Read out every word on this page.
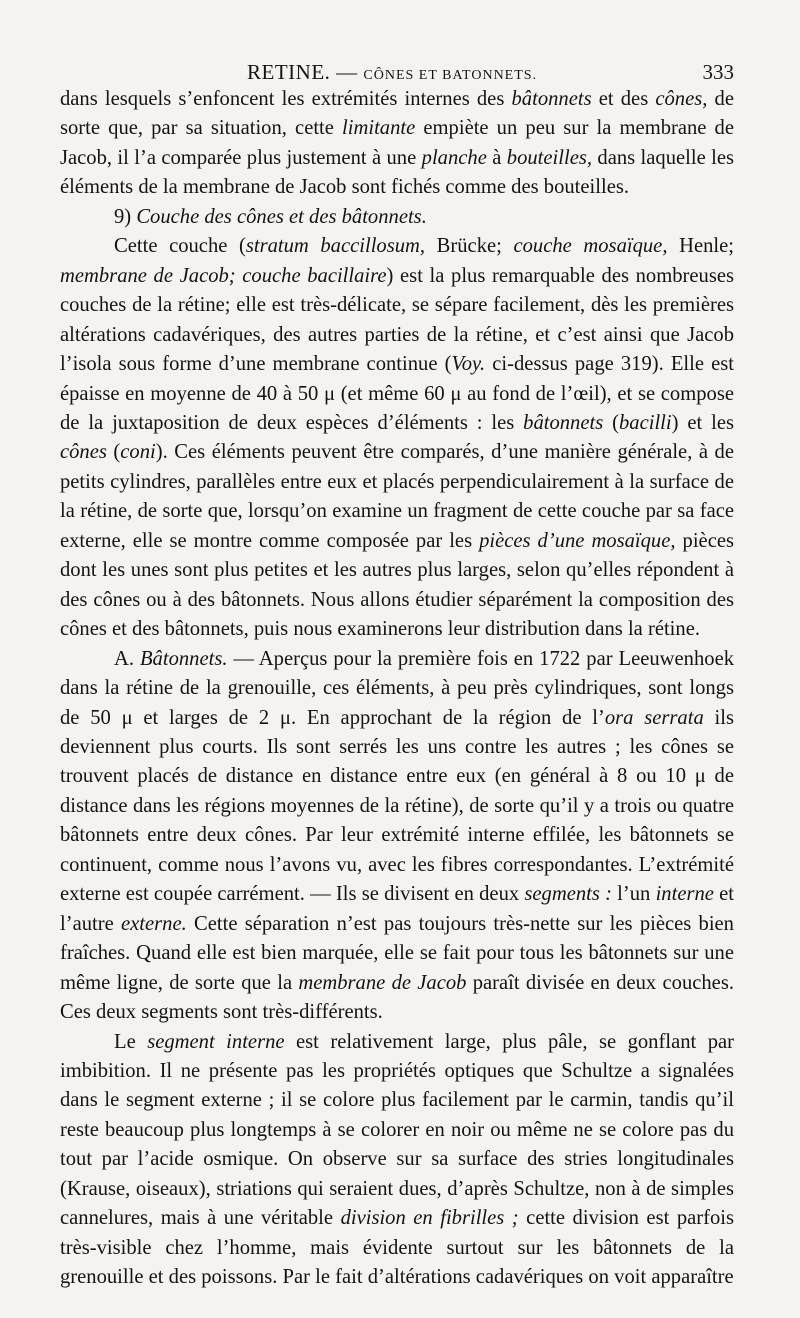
RETINE. — CÔNES ET BATONNETS.	333

dans lesquels s’enfoncent les extrémités internes des bâtonnets et des cônes, de sorte que, par sa situation, cette limitante empiète un peu sur la membrane de Jacob, il l’a comparée plus justement à une planche à bouteilles, dans laquelle les éléments de la membrane de Jacob sont fichés comme des bouteilles.

9) Couche des cônes et des bâtonnets.

Cette couche (stratum baccillosum, Brücke; couche mosaïque, Henle; membrane de Jacob; couche bacillaire) est la plus remarquable des nombreuses couches de la rétine; elle est très-délicate, se sépare facilement, dès les premières altérations cadavériques, des autres parties de la rétine, et c’est ainsi que Jacob l’isola sous forme d’une membrane continue (Voy. ci-dessus page 319). Elle est épaisse en moyenne de 40 à 50 μ (et même 60 μ au fond de l’œil), et se compose de la juxtaposition de deux espèces d’éléments : les bâtonnets (bacilli) et les cônes (coni). Ces éléments peuvent être comparés, d’une manière générale, à de petits cylindres, parallèles entre eux et placés perpendiculairement à la surface de la rétine, de sorte que, lorsqu’on examine un fragment de cette couche par sa face externe, elle se montre comme composée par les pièces d’une mosaïque, pièces dont les unes sont plus petites et les autres plus larges, selon qu’elles répondent à des cônes ou à des bâtonnets. Nous allons étudier séparément la composition des cônes et des bâtonnets, puis nous examinerons leur distribution dans la rétine.

A. Bâtonnets. — Aperçus pour la première fois en 1722 par Leeuwenhoek dans la rétine de la grenouille, ces éléments, à peu près cylindriques, sont longs de 50 μ et larges de 2 μ. En approchant de la région de l’ora serrata ils deviennent plus courts. Ils sont serrés les uns contre les autres ; les cônes se trouvent placés de distance en distance entre eux (en général à 8 ou 10 μ de distance dans les régions moyennes de la rétine), de sorte qu’il y a trois ou quatre bâtonnets entre deux cônes. Par leur extrémité interne effilée, les bâtonnets se continuent, comme nous l’avons vu, avec les fibres correspondantes. L’extrémité externe est coupée carrément. — Ils se divisent en deux segments : l’un interne et l’autre externe. Cette séparation n’est pas toujours très-nette sur les pièces bien fraîches. Quand elle est bien marquée, elle se fait pour tous les bâtonnets sur une même ligne, de sorte que la membrane de Jacob paraît divisée en deux couches. Ces deux segments sont très-différents.

Le segment interne est relativement large, plus pâle, se gonflant par imbibition. Il ne présente pas les propriétés optiques que Schultze a signalées dans le segment externe ; il se colore plus facilement par le carmin, tandis qu’il reste beaucoup plus longtemps à se colorer en noir ou même ne se colore pas du tout par l’acide osmique. On observe sur sa surface des stries longitudinales (Krause, oiseaux), striations qui seraient dues, d’après Schultze, non à de simples cannelures, mais à une véritable division en fibrilles ; cette division est parfois très-visible chez l’homme, mais évidente surtout sur les bâtonnets de la grenouille et des poissons. Par le fait d’altérations cadavériques on voit apparaître
